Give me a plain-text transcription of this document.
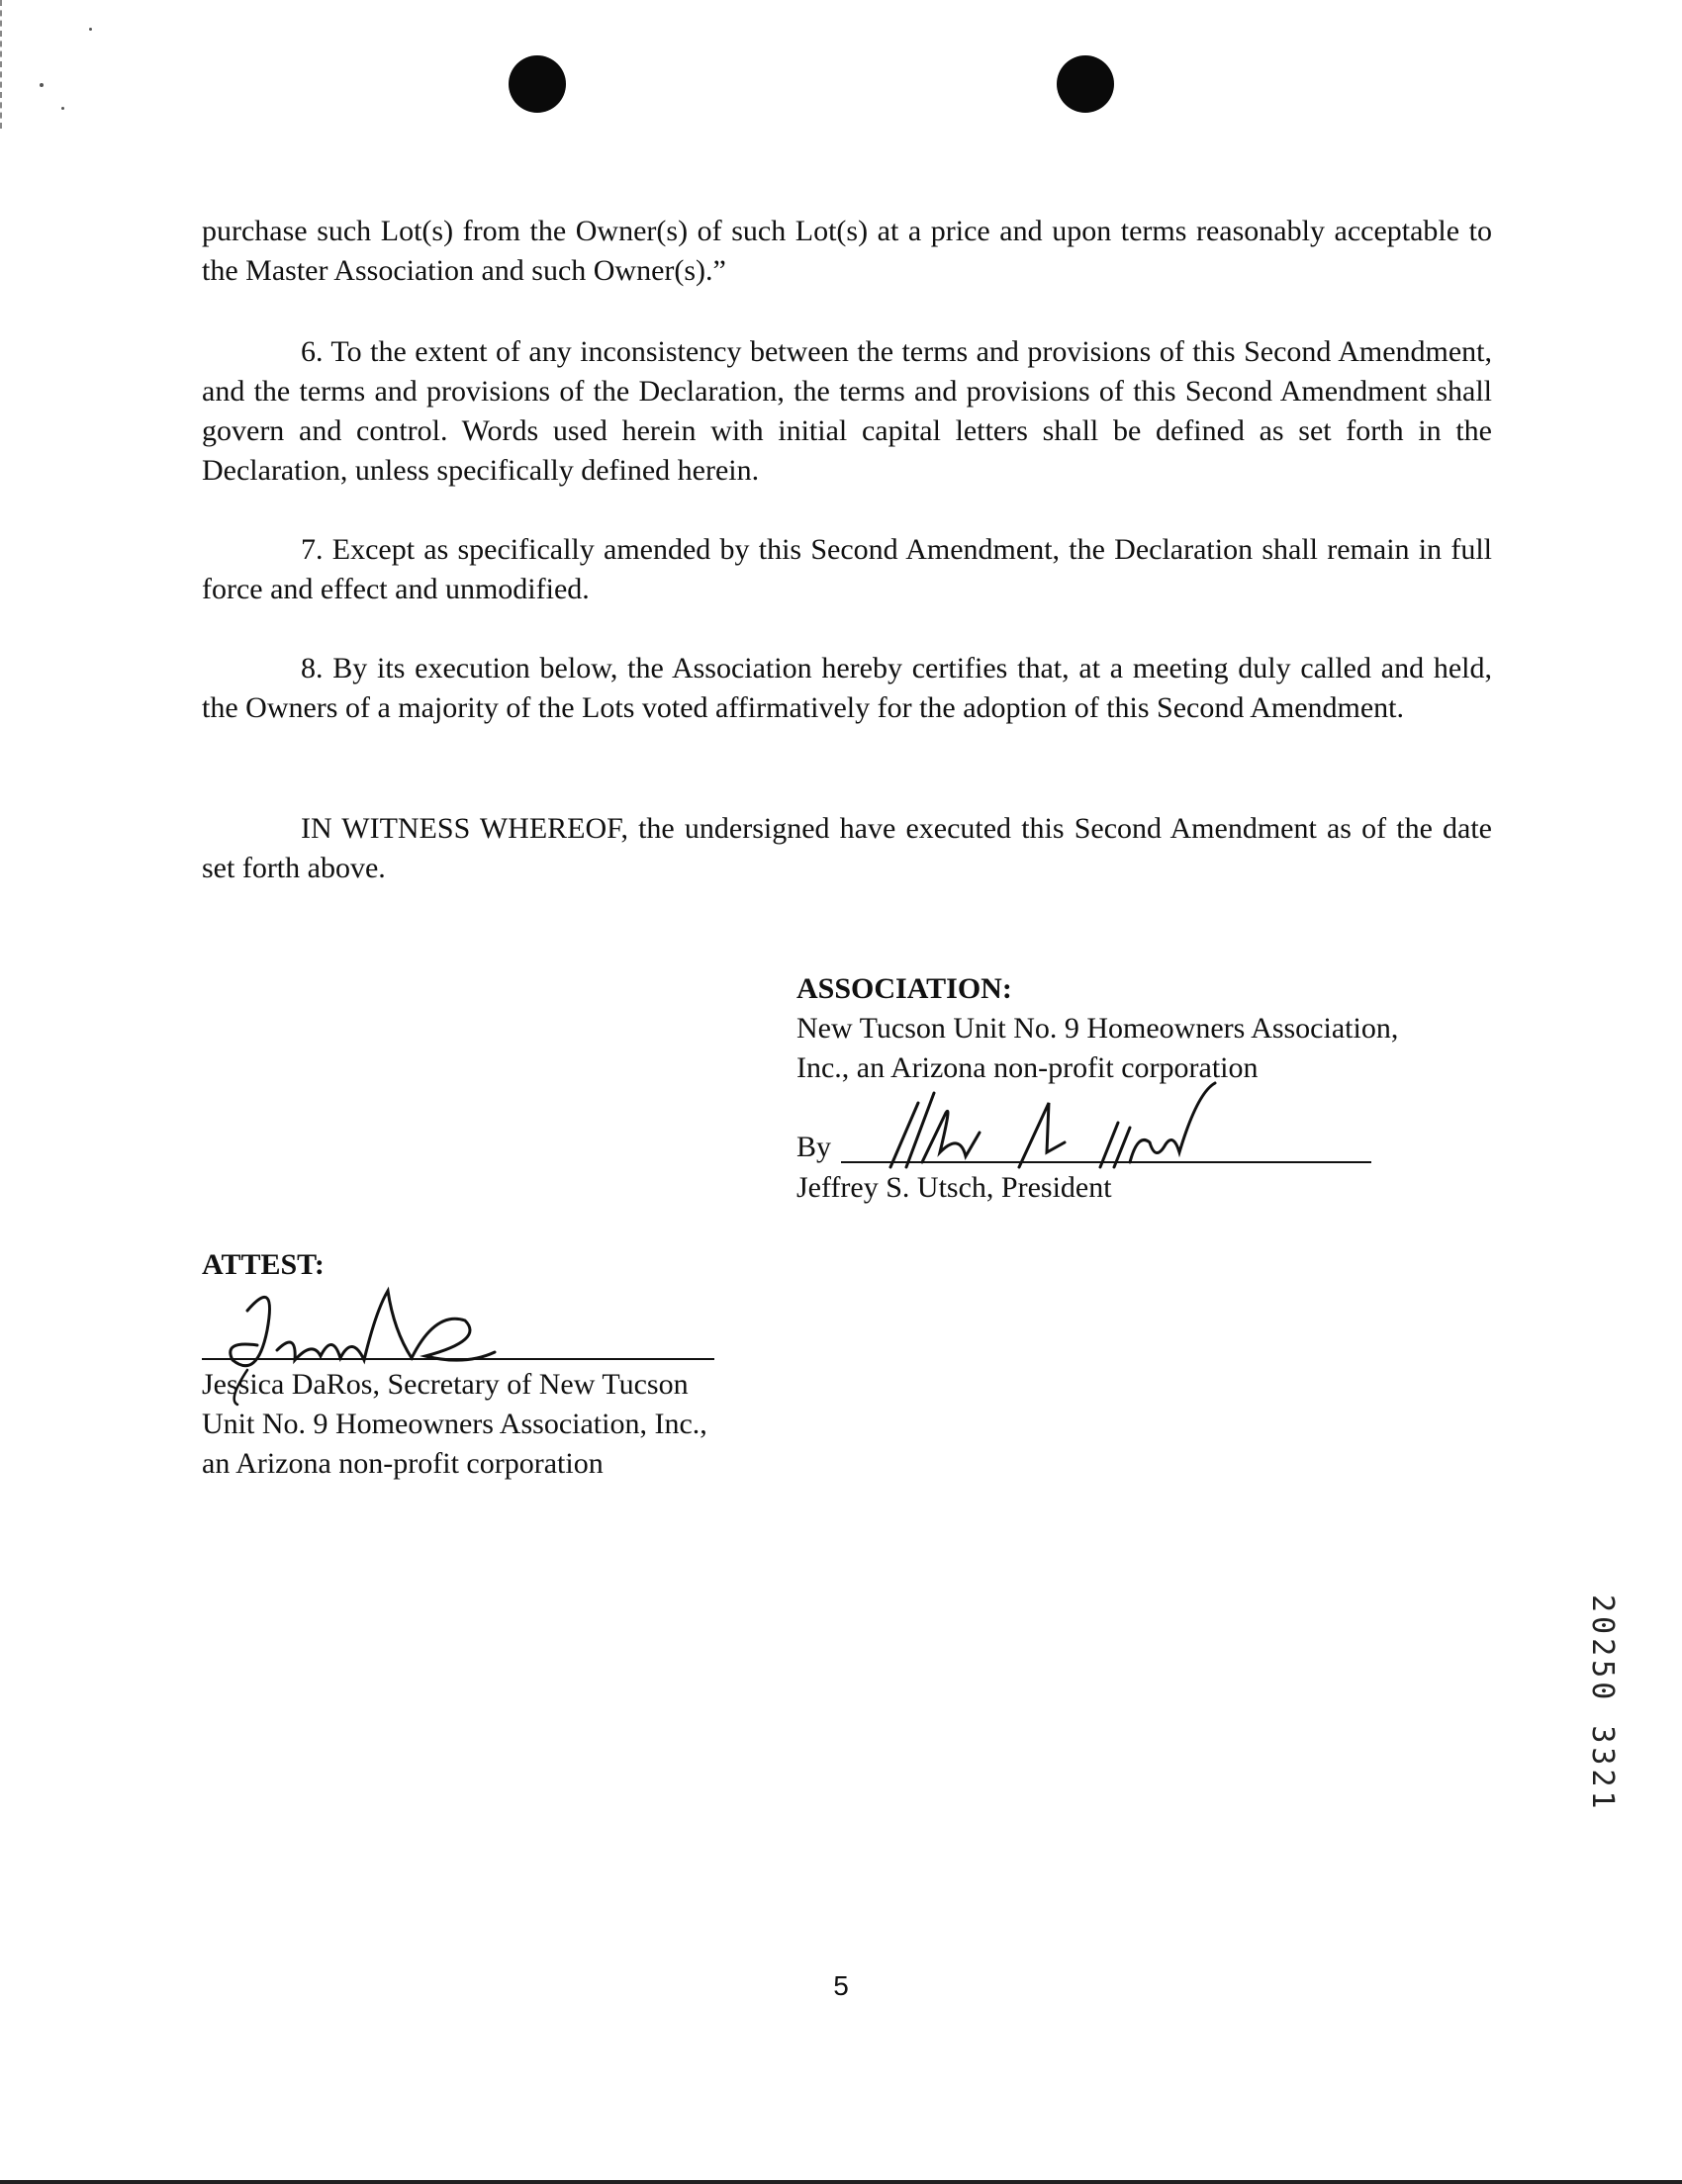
purchase such Lot(s) from the Owner(s) of such Lot(s) at a price and upon terms reasonably acceptable to the Master Association and such Owner(s).”

6. To the extent of any inconsistency between the terms and provisions of this Second Amendment, and the terms and provisions of the Declaration, the terms and provisions of this Second Amendment shall govern and control. Words used herein with initial capital letters shall be defined as set forth in the Declaration, unless specifically defined herein.

7. Except as specifically amended by this Second Amendment, the Declaration shall remain in full force and effect and unmodified.

8. By its execution below, the Association hereby certifies that, at a meeting duly called and held, the Owners of a majority of the Lots voted affirmatively for the adoption of this Second Amendment.

IN WITNESS WHEREOF, the undersigned have executed this Second Amendment as of the date set forth above.

ASSOCIATION:
New Tucson Unit No. 9 Homeowners Association,
Inc., an Arizona non-profit corporation
By
Jeffrey S. Utsch, President
ATTEST:
Jessica DaRos, Secretary of New Tucson
Unit No. 9 Homeowners Association, Inc.,
an Arizona non-profit corporation
20250 3321
5
